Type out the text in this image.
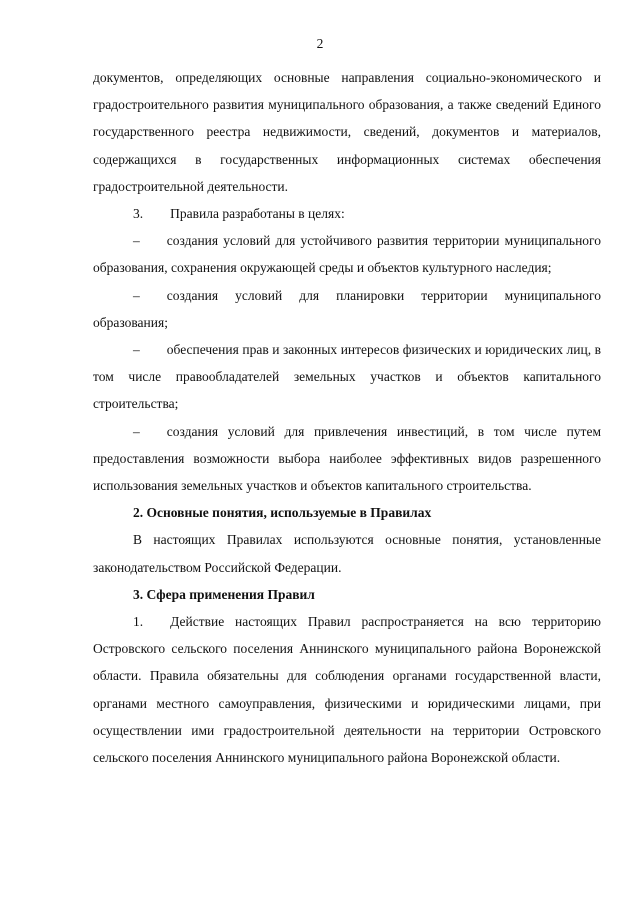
2

документов, определяющих основные направления социально-экономического и градостроительного развития муниципального образования, а также сведений Единого государственного реестра недвижимости, сведений, документов и материалов, содержащихся в государственных информационных системах обеспечения градостроительной деятельности.

3.  Правила разработаны в целях:

–  создания условий для устойчивого развития территории муниципального образования, сохранения окружающей среды и объектов культурного наследия;

–  создания условий для планировки территории муниципального образования;

–  обеспечения прав и законных интересов физических и юридических лиц, в том числе правообладателей земельных участков и объектов капитального строительства;

–  создания условий для привлечения инвестиций, в том числе путем предоставления возможности выбора наиболее эффективных видов разрешенного использования земельных участков и объектов капитального строительства.

2. Основные понятия, используемые в Правилах

В настоящих Правилах используются основные понятия, установленные законодательством Российской Федерации.

3. Сфера применения Правил

1.  Действие настоящих Правил распространяется на всю территорию Островского сельского поселения Аннинского муниципального района Воронежской области. Правила обязательны для соблюдения органами государственной власти, органами местного самоуправления, физическими и юридическими лицами, при осуществлении ими градостроительной деятельности на территории Островского сельского поселения Аннинского муниципального района Воронежской области.
